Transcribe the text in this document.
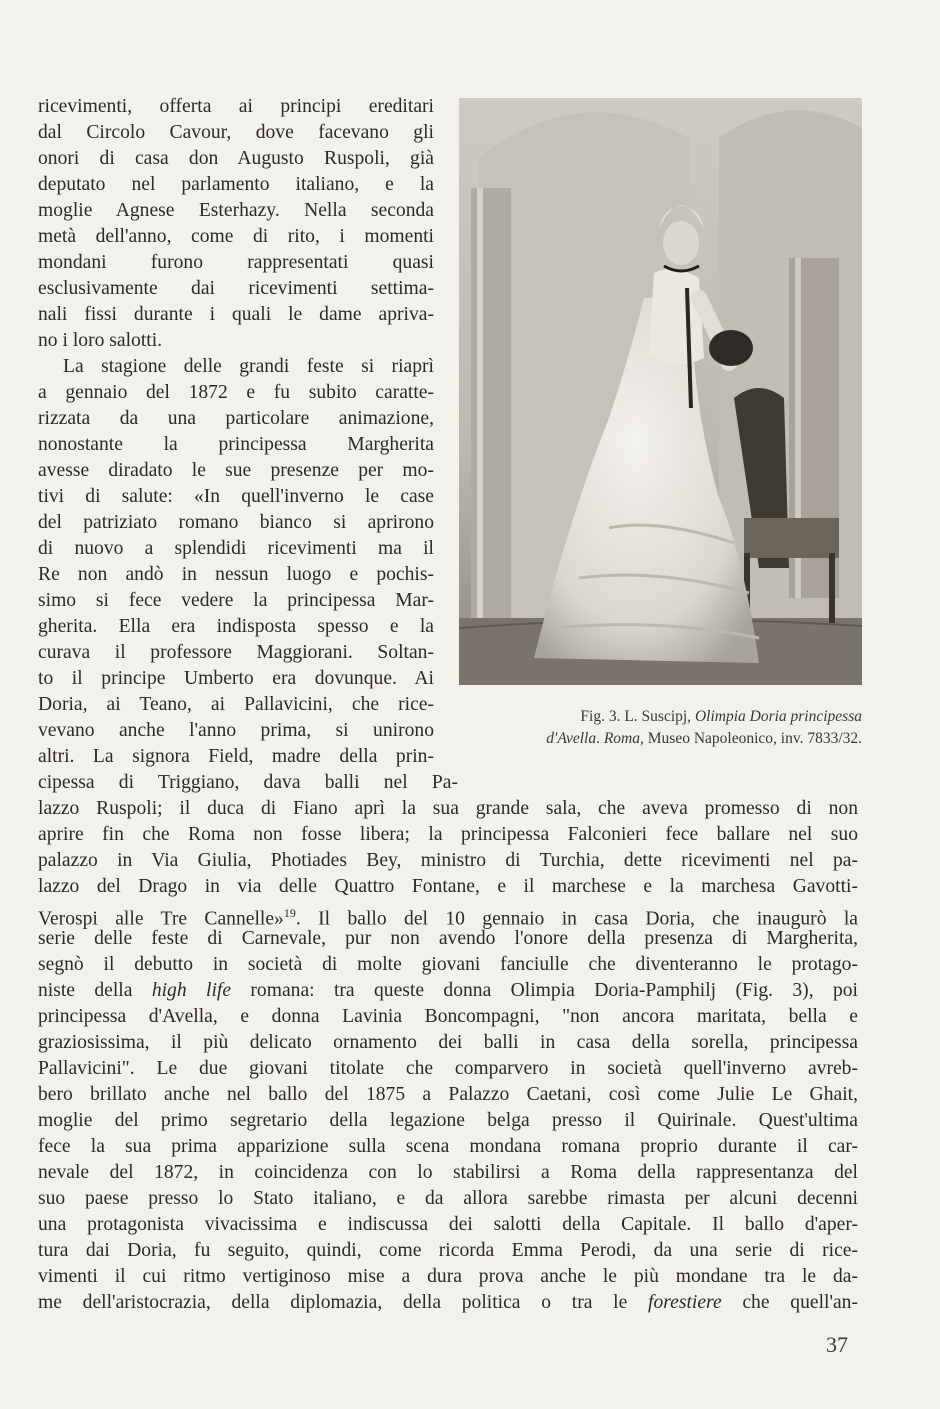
ricevimenti, offerta ai principi ereditari
dal Circolo Cavour, dove facevano gli
onori di casa don Augusto Ruspoli, già
deputato nel parlamento italiano, e la
moglie Agnese Esterhazy. Nella seconda
metà dell'anno, come di rito, i momenti
mondani furono rappresentati quasi
esclusivamente dai ricevimenti settima-
nali fissi durante i quali le dame apriva-
no i loro salotti.
La stagione delle grandi feste si riaprì
a gennaio del 1872 e fu subito caratte-
rizzata da una particolare animazione,
nonostante la principessa Margherita
avesse diradato le sue presenze per mo-
tivi di salute: «In quell'inverno le case
del patriziato romano bianco si aprirono
di nuovo a splendidi ricevimenti ma il
Re non andò in nessun luogo e pochis-
simo si fece vedere la principessa Mar-
gherita. Ella era indisposta spesso e la
curava il professore Maggiorani. Soltan-
to il principe Umberto era dovunque. Ai
Doria, ai Teano, ai Pallavicini, che rice-
vevano anche l'anno prima, si unirono
altri. La signora Field, madre della prin-
cipessa di Triggiano, dava balli nel Pa-
Fig. 3. L. Suscipj, Olimpia Doria principessa
d'Avella. Roma, Museo Napoleonico, inv. 7833/32.
lazzo Ruspoli; il duca di Fiano aprì la sua grande sala, che aveva promesso di non
aprire fin che Roma non fosse libera; la principessa Falconieri fece ballare nel suo
palazzo in Via Giulia, Photiades Bey, ministro di Turchia, dette ricevimenti nel pa-
lazzo del Drago in via delle Quattro Fontane, e il marchese e la marchesa Gavotti-
Verospi alle Tre Cannelle»$^{19}$. Il ballo del 10 gennaio in casa Doria, che inaugurò la
serie delle feste di Carnevale, pur non avendo l'onore della presenza di Margherita,
segnò il debutto in società di molte giovani fanciulle che diventeranno le protago-
niste della high life romana: tra queste donna Olimpia Doria-Pamphilj (Fig. 3), poi
principessa d'Avella, e donna Lavinia Boncompagni, "non ancora maritata, bella e
graziosissima, il più delicato ornamento dei balli in casa della sorella, principessa
Pallavicini". Le due giovani titolate che comparvero in società quell'inverno avreb-
bero brillato anche nel ballo del 1875 a Palazzo Caetani, così come Julie Le Ghait,
moglie del primo segretario della legazione belga presso il Quirinale. Quest'ultima
fece la sua prima apparizione sulla scena mondana romana proprio durante il car-
nevale del 1872, in coincidenza con lo stabilirsi a Roma della rappresentanza del
suo paese presso lo Stato italiano, e da allora sarebbe rimasta per alcuni decenni
una protagonista vivacissima e indiscussa dei salotti della Capitale. Il ballo d'aper-
tura dai Doria, fu seguito, quindi, come ricorda Emma Perodi, da una serie di rice-
vimenti il cui ritmo vertiginoso mise a dura prova anche le più mondane tra le da-
me dell'aristocrazia, della diplomazia, della politica o tra le forestiere che quell'an-
37
